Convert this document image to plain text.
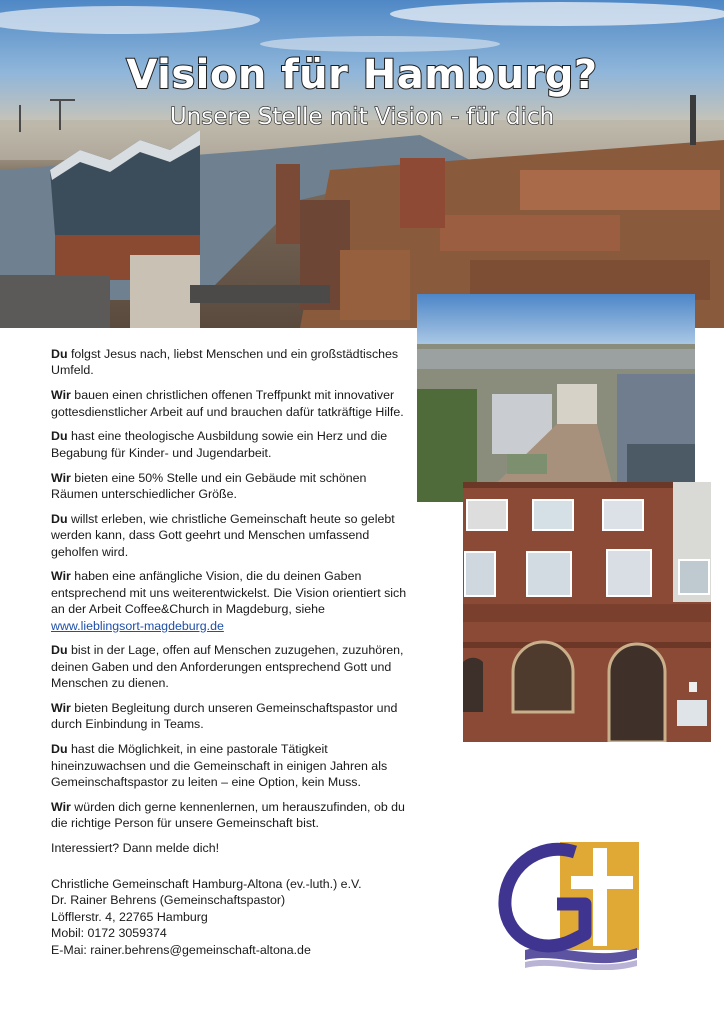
Vision für Hamburg?
Unsere Stelle mit Vision - für dich

Du folgst Jesus nach, liebst Menschen und ein großstädtisches Umfeld.

Wir bauen einen christlichen offenen Treffpunkt mit innovativer gottesdienstlicher Arbeit auf und brauchen dafür tatkräftige Hilfe.

Du hast eine theologische Ausbildung sowie ein Herz und die Begabung für Kinder- und Jugendarbeit.

Wir bieten eine 50% Stelle und ein Gebäude mit schönen Räumen unterschiedlicher Größe.

Du willst erleben, wie christliche Gemeinschaft heute so gelebt werden kann, dass Gott geehrt und Menschen umfassend geholfen wird.

Wir haben eine anfängliche Vision, die du deinen Gaben entsprechend mit uns weiterentwickelst. Die Vision orientiert sich an der Arbeit Coffee&Church in Magdeburg, siehe
www.lieblingsort-magdeburg.de

Du bist in der Lage, offen auf Menschen zuzugehen, zuzuhören, deinen Gaben und den Anforderungen entsprechend Gott und Menschen zu dienen.

Wir bieten Begleitung durch unseren Gemeinschaftspastor und durch Einbindung in Teams.

Du hast die Möglichkeit, in eine pastorale Tätigkeit hineinzuwachsen und die Gemeinschaft in einigen Jahren als Gemeinschaftspastor zu leiten – eine Option, kein Muss.

Wir würden dich gerne kennenlernen, um herauszufinden, ob du die richtige Person für unsere Gemeinschaft bist.

Interessiert? Dann melde dich!

Christliche Gemeinschaft Hamburg-Altona (ev.-luth.) e.V.
Dr. Rainer Behrens (Gemeinschaftspastor)
Löfflerstr. 4, 22765 Hamburg
Mobil: 0172 3059374
E-Mai: rainer.behrens@gemeinschaft-altona.de
